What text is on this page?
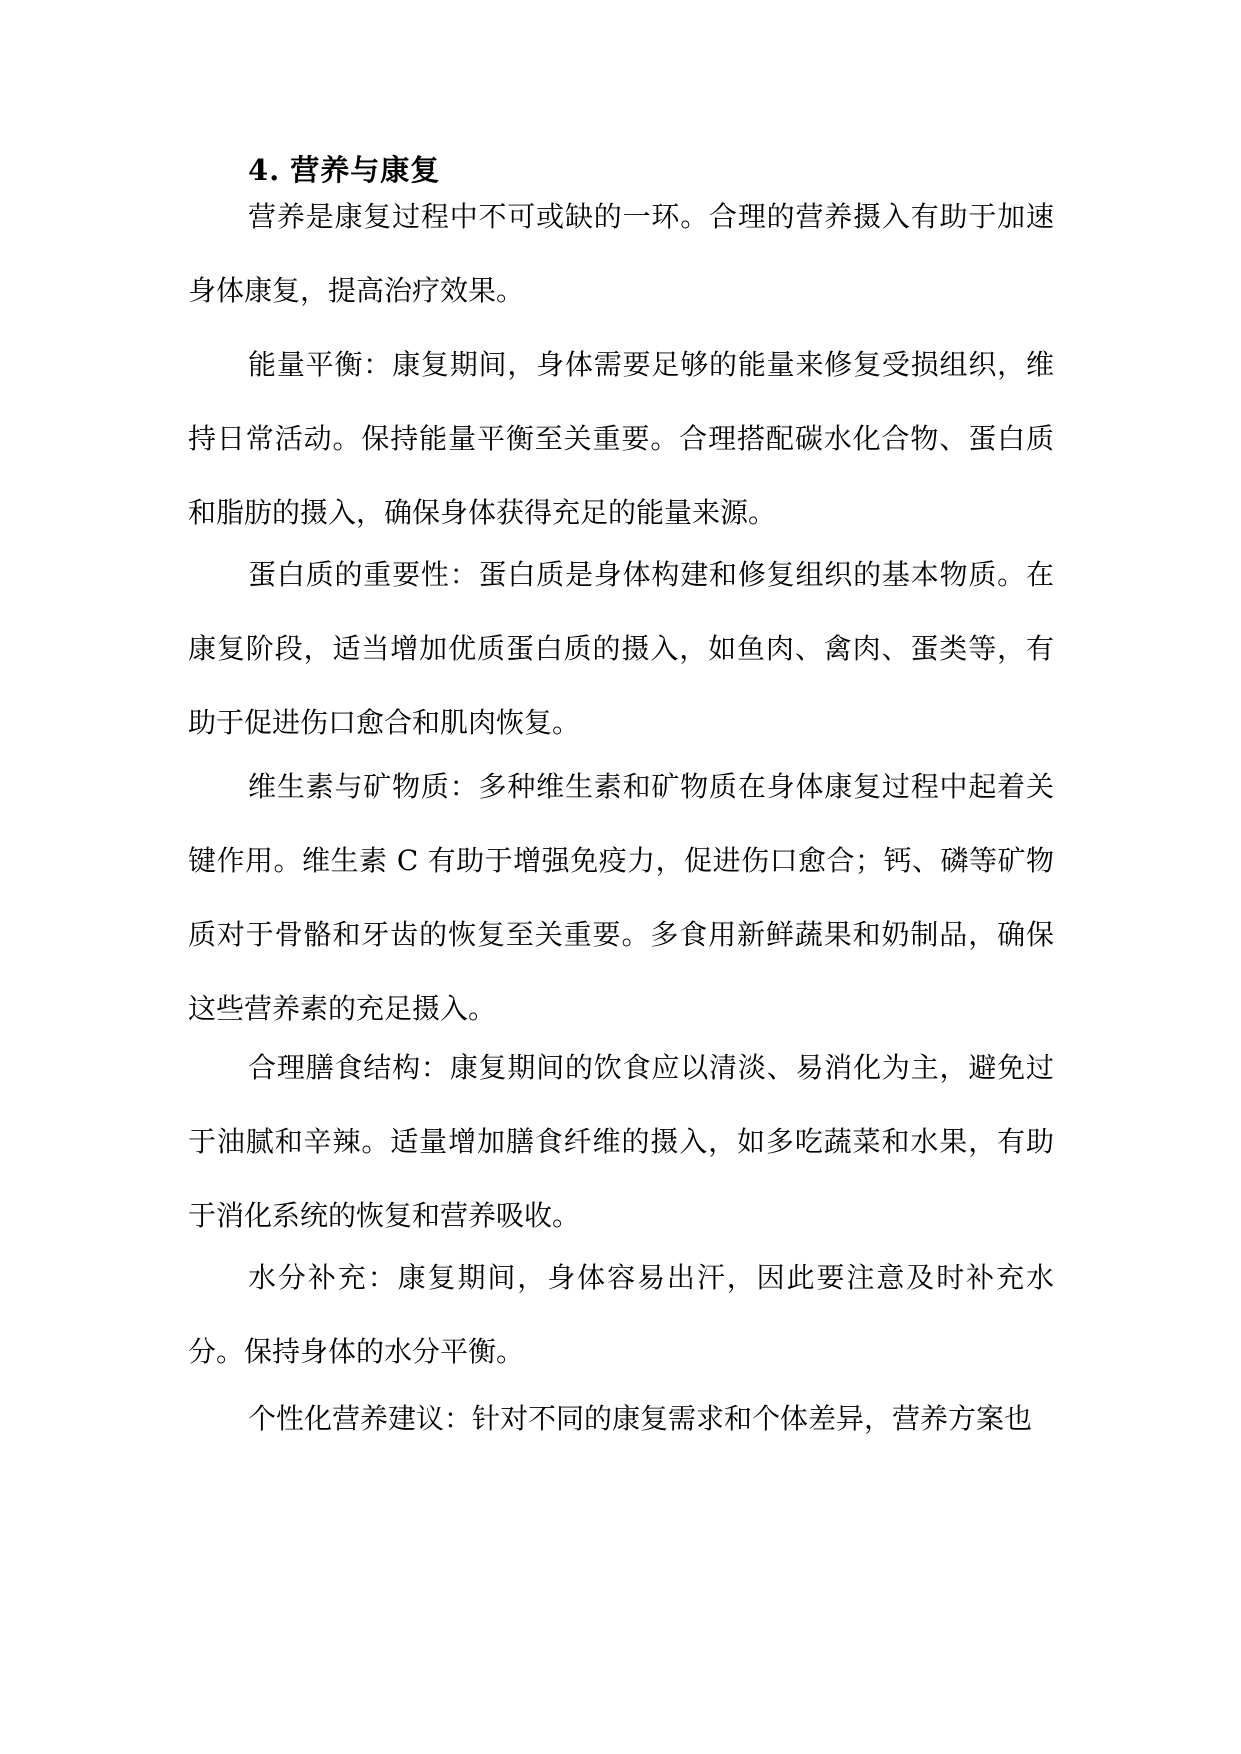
4. 营养与康复

营养是康复过程中不可或缺的一环。合理的营养摄入有助于加速身体康复，提高治疗效果。

能量平衡：康复期间，身体需要足够的能量来修复受损组织，维持日常活动。保持能量平衡至关重要。合理搭配碳水化合物、蛋白质和脂肪的摄入，确保身体获得充足的能量来源。

蛋白质的重要性：蛋白质是身体构建和修复组织的基本物质。在康复阶段，适当增加优质蛋白质的摄入，如鱼肉、禽肉、蛋类等，有助于促进伤口愈合和肌肉恢复。

维生素与矿物质：多种维生素和矿物质在身体康复过程中起着关键作用。维生素 C 有助于增强免疫力，促进伤口愈合；钙、磷等矿物质对于骨骼和牙齿的恢复至关重要。多食用新鲜蔬果和奶制品，确保这些营养素的充足摄入。

合理膳食结构：康复期间的饮食应以清淡、易消化为主，避免过于油腻和辛辣。适量增加膳食纤维的摄入，如多吃蔬菜和水果，有助于消化系统的恢复和营养吸收。

水分补充：康复期间，身体容易出汗，因此要注意及时补充水分。保持身体的水分平衡。

个性化营养建议：针对不同的康复需求和个体差异，营养方案也
